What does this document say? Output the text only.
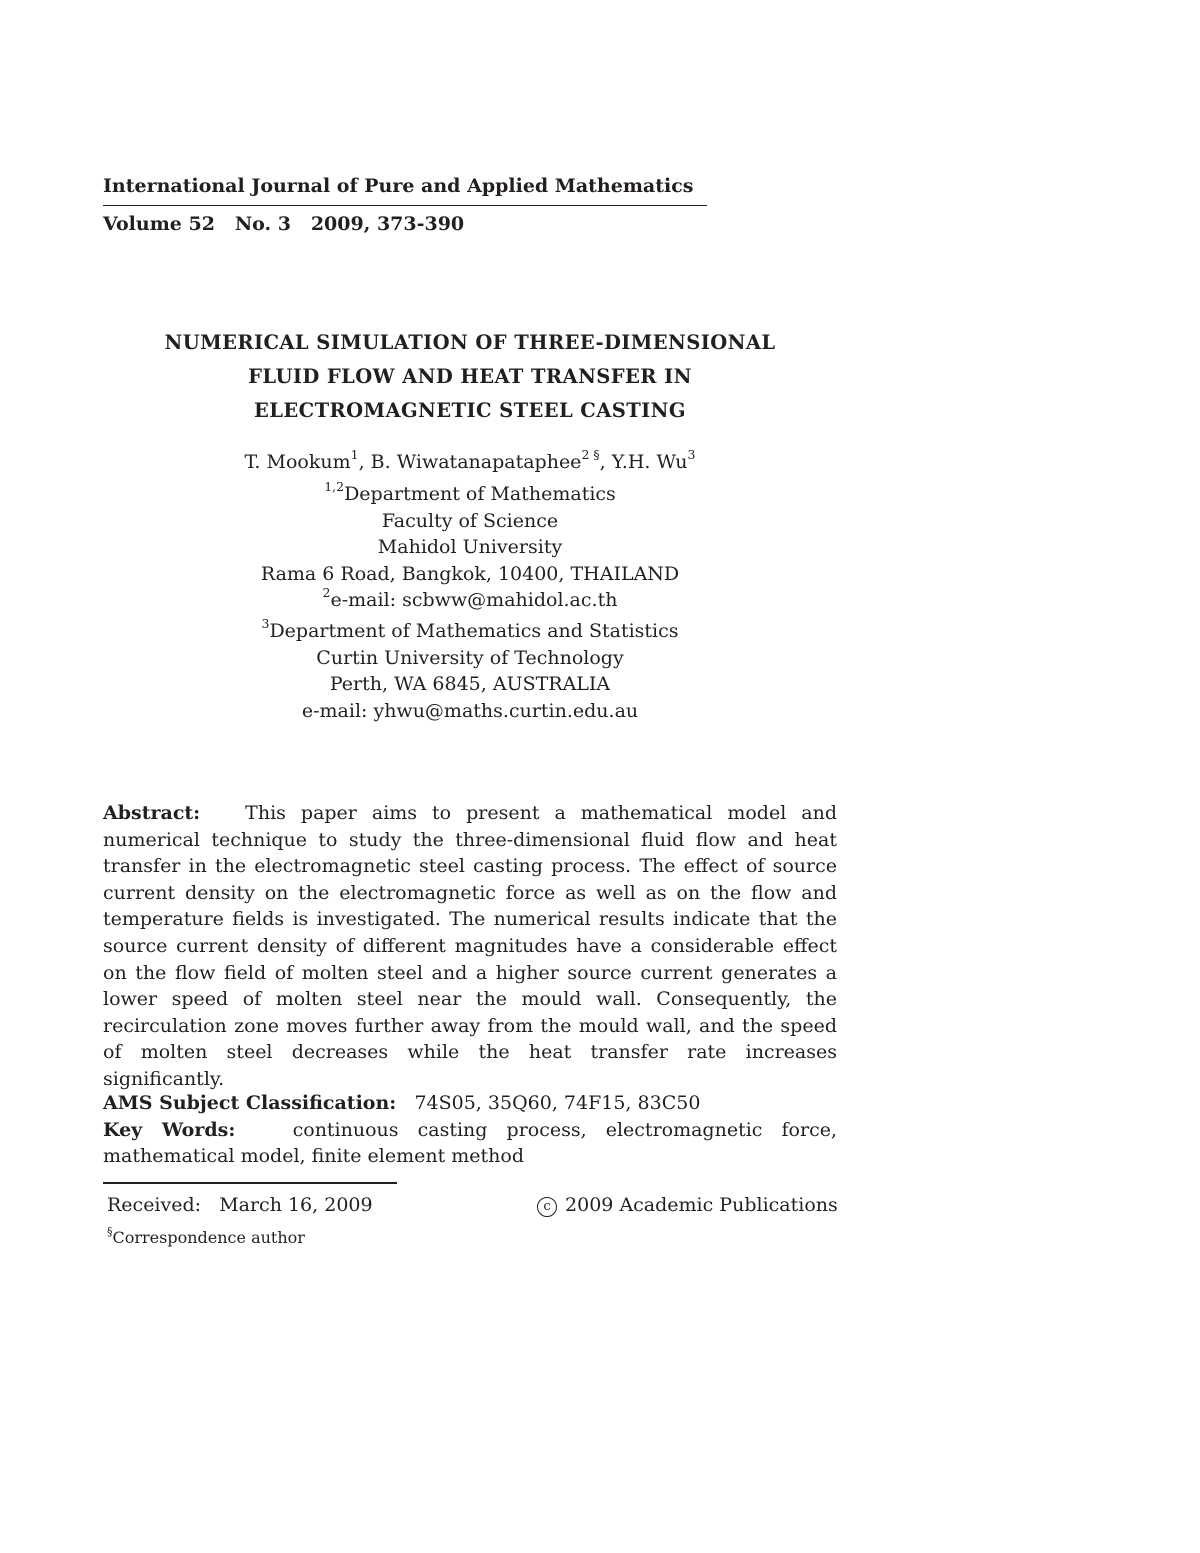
International Journal of Pure and Applied Mathematics
Volume 52 No. 3 2009, 373-390
NUMERICAL SIMULATION OF THREE-DIMENSIONAL
FLUID FLOW AND HEAT TRANSFER IN
ELECTROMAGNETIC STEEL CASTING
T. Mookum$^1$, B. Wiwatanapataphee$^{2 \S}$, Y.H. Wu$^3$
$^{1,2}$Department of Mathematics
Faculty of Science
Mahidol University
Rama 6 Road, Bangkok, 10400, THAILAND
$^2$e-mail: scbww@mahidol.ac.th
$^3$Department of Mathematics and Statistics
Curtin University of Technology
Perth, WA 6845, AUSTRALIA
e-mail: yhwu@maths.curtin.edu.au
Abstract: This paper aims to present a mathematical model and numerical technique to study the three-dimensional fluid flow and heat transfer in the electromagnetic steel casting process. The effect of source current density on the electromagnetic force as well as on the flow and temperature fields is investigated. The numerical results indicate that the source current density of different magnitudes have a considerable effect on the flow field of molten steel and a higher source current generates a lower speed of molten steel near the mould wall. Consequently, the recirculation zone moves further away from the mould wall, and the speed of molten steel decreases while the heat transfer rate increases significantly.
AMS Subject Classification: 74S05, 35Q60, 74F15, 83C50
Key Words:	continuous casting process, electromagnetic force, mathematical model, finite element method
Received: March 16, 2009	c 2009 Academic Publications
§Correspondence author
